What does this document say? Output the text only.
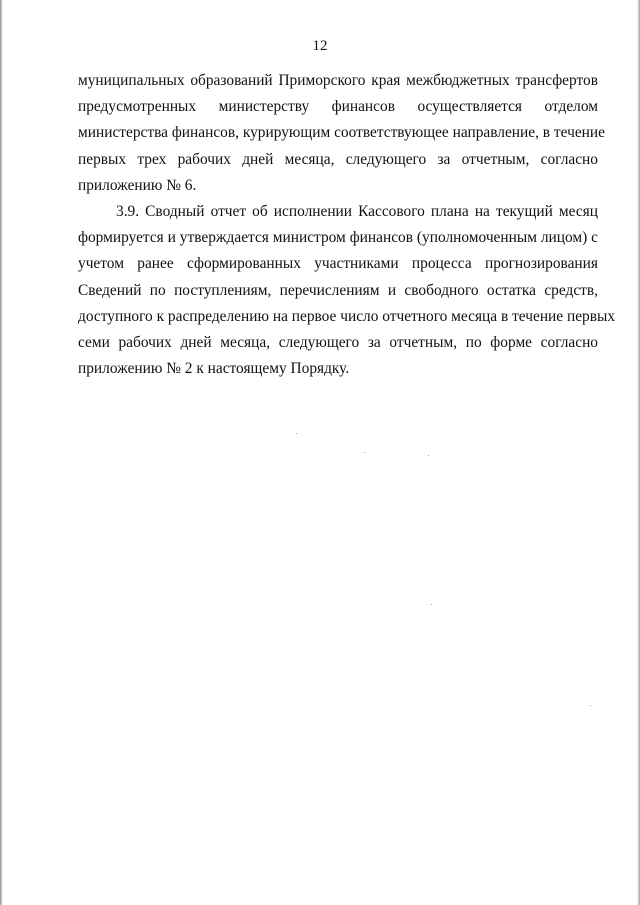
12
муниципальных образований Приморского края межбюджетных трансфертов
предусмотренных министерству финансов осуществляется отделом
министерства финансов, курирующим соответствующее направление, в течение
первых трех рабочих дней месяца, следующего за отчетным, согласно
приложению № 6.
3.9. Сводный отчет об исполнении Кассового плана на текущий месяц
формируется и утверждается министром финансов (уполномоченным лицом) с
учетом ранее сформированных участниками процесса прогнозирования
Сведений по поступлениям, перечислениям и свободного остатка средств,
доступного к распределению на первое число отчетного месяца в течение первых
семи рабочих дней месяца, следующего за отчетным, по форме согласно
приложению № 2 к настоящему Порядку.
